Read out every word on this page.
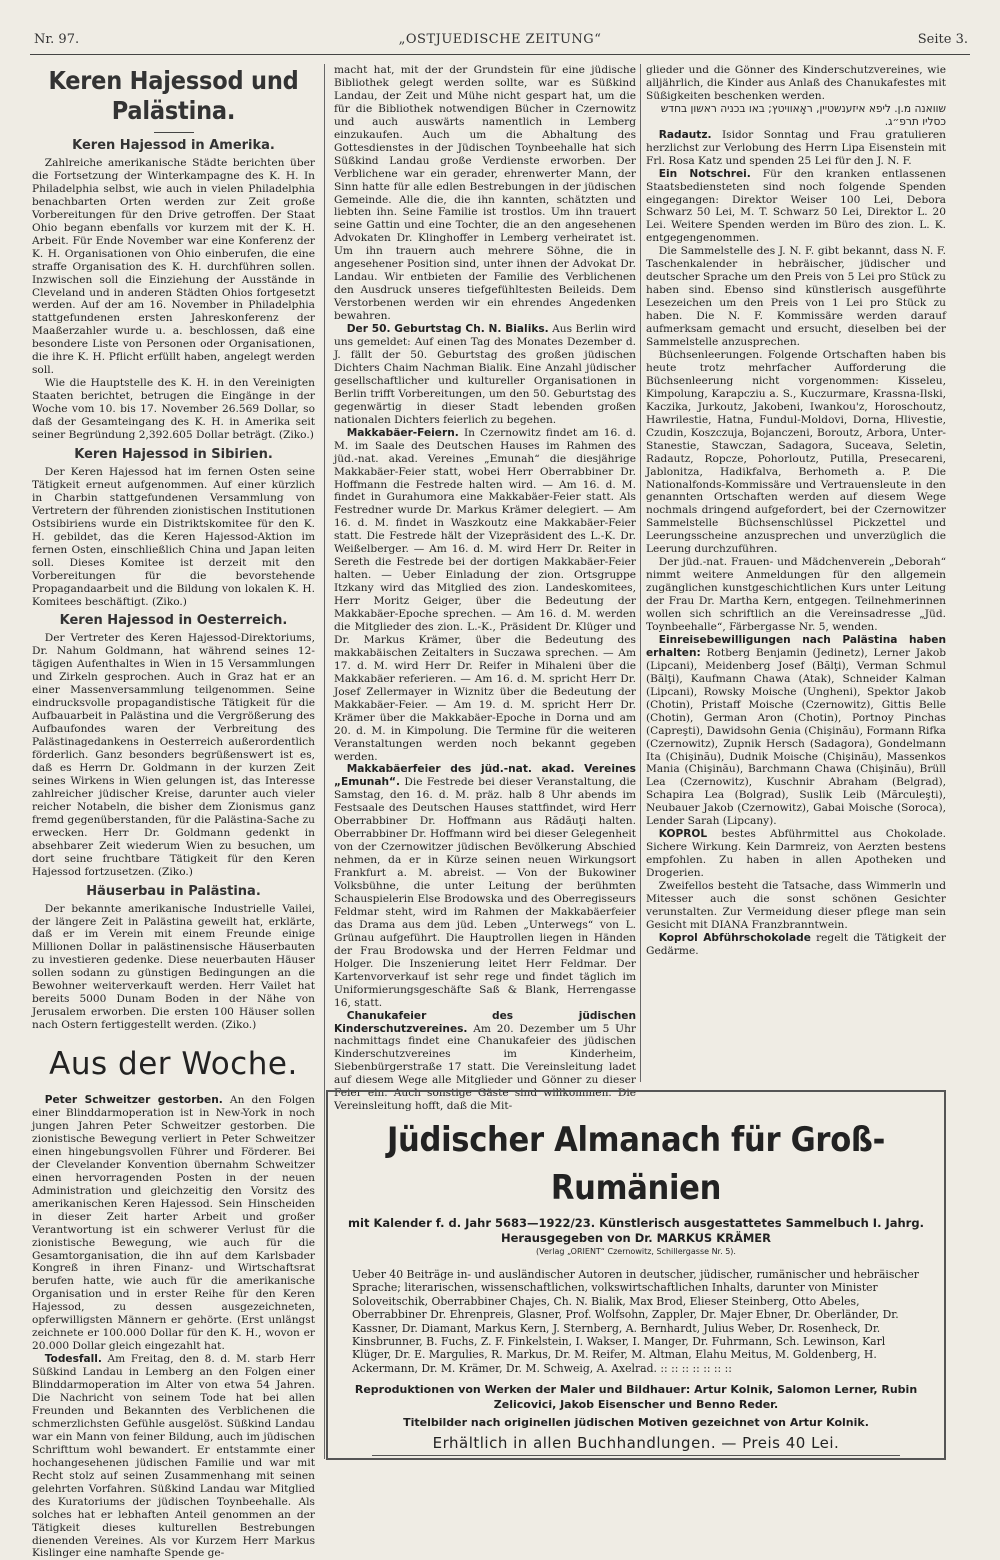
Nr. 97.	„OSTJUEDISCHE ZEITUNG“	Seite 3.
Keren Hajessod und Palästina.
Keren Hajessod in Amerika.

Zahlreiche amerikanische Städte berichten über die Fortsetzung der Winterkampagne des K. H. In Philadelphia selbst, wie auch in vielen Philadelphia benachbarten Orten werden zur Zeit große Vorbereitungen für den Drive getroffen. Der Staat Ohio begann ebenfalls vor kurzem mit der K. H. Arbeit. Für Ende November war eine Konferenz der K. H. Organisationen von Ohio einberufen, die eine straffe Organisation des K. H. durchführen sollen. Inzwischen soll die Einziehung der Ausstände in Cleveland und in anderen Städten Ohios fortgesetzt werden. Auf der am 16. November in Philadelphia stattgefundenen ersten Jahreskonferenz der Maaßerzahler wurde u. a. beschlossen, daß eine besondere Liste von Personen oder Organisationen, die ihre K. H. Pflicht erfüllt haben, angelegt werden soll.

Wie die Hauptstelle des K. H. in den Vereinigten Staaten berichtet, betrugen die Eingänge in der Woche vom 10. bis 17. November 26.569 Dollar, so daß der Gesamteingang des K. H. in Amerika seit seiner Begründung 2,392.605 Dollar beträgt. (Ziko.)

Keren Hajessod in Sibirien.

Der Keren Hajessod hat im fernen Osten seine Tätigkeit erneut aufgenommen. Auf einer kürzlich in Charbin stattgefundenen Versammlung von Vertretern der führenden zionistischen Institutionen Ostsibiriens wurde ein Distriktskomitee für den K. H. gebildet, das die Keren Hajessod-Aktion im fernen Osten, einschließlich China und Japan leiten soll. Dieses Komitee ist derzeit mit den Vorbereitungen für die bevorstehende Propagandaarbeit und die Bildung von lokalen K. H. Komitees beschäftigt. (Ziko.)

Keren Hajessod in Oesterreich.

Der Vertreter des Keren Hajessod-Direktoriums, Dr. Nahum Goldmann, hat während seines 12-tägigen Aufenthaltes in Wien in 15 Versammlungen und Zirkeln gesprochen. Auch in Graz hat er an einer Massenversammlung teilgenommen. Seine eindrucksvolle propagandistische Tätigkeit für die Aufbauarbeit in Palästina und die Vergrößerung des Aufbaufondes waren der Verbreitung des Palästinagedankens in Oesterreich außerordentlich förderlich. Ganz besonders begrüßenswert ist es, daß es Herrn Dr. Goldmann in der kurzen Zeit seines Wirkens in Wien gelungen ist, das Interesse zahlreicher jüdischer Kreise, darunter auch vieler reicher Notabeln, die bisher dem Zionismus ganz fremd gegenüberstanden, für die Palästina-Sache zu erwecken. Herr Dr. Goldmann gedenkt in absehbarer Zeit wiederum Wien zu besuchen, um dort seine fruchtbare Tätigkeit für den Keren Hajessod fortzusetzen. (Ziko.)

Häuserbau in Palästina.

Der bekannte amerikanische Industrielle Vailei, der längere Zeit in Palästina geweilt hat, erklärte, daß er im Verein mit einem Freunde einige Millionen Dollar in palästinensische Häuserbauten zu investieren gedenke. Diese neuerbauten Häuser sollen sodann zu günstigen Bedingungen an die Bewohner weiterverkauft werden. Herr Vailet hat bereits 5000 Dunam Boden in der Nähe von Jerusalem erworben. Die ersten 100 Häuser sollen nach Ostern fertiggestellt werden. (Ziko.)

Aus der Woche.

Peter Schweitzer gestorben. An den Folgen einer Blinddarmoperation ist in New-York in noch jungen Jahren Peter Schweitzer gestorben. Die zionistische Bewegung verliert in Peter Schweitzer einen hingebungsvollen Führer und Förderer. Bei der Clevelander Konvention übernahm Schweitzer einen hervorragenden Posten in der neuen Administration und gleichzeitig den Vorsitz des amerikanischen Keren Hajessod. Sein Hinscheiden in dieser Zeit harter Arbeit und großer Verantwortung ist ein schwerer Verlust für die zionistische Bewegung, wie auch für die Gesamtorganisation, die ihn auf dem Karlsbader Kongreß in ihren Finanz- und Wirtschaftsrat berufen hatte, wie auch für die amerikanische Organisation und in erster Reihe für den Keren Hajessod, zu dessen ausgezeichneten, opferwilligsten Männern er gehörte. (Erst unlängst zeichnete er 100.000 Dollar für den K. H., wovon er 20.000 Dollar gleich eingezahlt hat.

Todesfall. Am Freitag, den 8. d. M. starb Herr Süßkind Landau in Lemberg an den Folgen einer Blinddarmoperation im Alter von etwa 54 Jahren. Die Nachricht von seinem Tode hat bei allen Freunden und Bekannten des Verblichenen die schmerzlichsten Gefühle ausgelöst. Süßkind Landau war ein Mann von feiner Bildung, auch im jüdischen Schrifttum wohl bewandert. Er entstammte einer hochangesehenen jüdischen Familie und war mit Recht stolz auf seinen Zusammenhang mit seinen gelehrten Vorfahren. Süßkind Landau war Mitglied des Kuratoriums der jüdischen Toynbeehalle. Als solches hat er lebhaften Anteil genommen an der Tätigkeit dieses kulturellen Bestrebungen dienenden Vereines. Als vor Kurzem Herr Markus Kislinger eine namhafte Spende ge-

macht hat, mit der der Grundstein für eine jüdische Bibliothek gelegt werden sollte, war es Süßkind Landau, der Zeit und Mühe nicht gespart hat, um die für die Bibliothek notwendigen Bücher in Czernowitz und auch auswärts namentlich in Lemberg einzukaufen. Auch um die Abhaltung des Gottesdienstes in der Jüdischen Toynbeehalle hat sich Süßkind Landau große Verdienste erworben. Der Verblichene war ein gerader, ehrenwerter Mann, der Sinn hatte für alle edlen Bestrebungen in der jüdischen Gemeinde. Alle die, die ihn kannten, schätzten und liebten ihn. Seine Familie ist trostlos. Um ihn trauert seine Gattin und eine Tochter, die an den angesehenen Advokaten Dr. Klinghoffer in Lemberg verheiratet ist. Um ihn trauern auch mehrere Söhne, die in angesehener Position sind, unter ihnen der Advokat Dr. Landau. Wir entbieten der Familie des Verblichenen den Ausdruck unseres tiefgefühltesten Beileids. Dem Verstorbenen werden wir ein ehrendes Angedenken bewahren.

Der 50. Geburtstag Ch. N. Bialiks. Aus Berlin wird uns gemeldet: Auf einen Tag des Monates Dezember d. J. fällt der 50. Geburtstag des großen jüdischen Dichters Chaim Nachman Bialik. Eine Anzahl jüdischer gesellschaftlicher und kultureller Organisationen in Berlin trifft Vorbereitungen, um den 50. Geburtstag des gegenwärtig in dieser Stadt lebenden großen nationalen Dichters feierlich zu begehen.

Makkabäer-Feiern. In Czernowitz findet am 16. d. M. im Saale des Deutschen Hauses im Rahmen des jüd.-nat. akad. Vereines „Emunah“ die diesjährige Makkabäer-Feier statt, wobei Herr Oberrabbiner Dr. Hoffmann die Festrede halten wird. — Am 16. d. M. findet in Gurahumora eine Makkabäer-Feier statt. Als Festredner wurde Dr. Markus Krämer delegiert. — Am 16. d. M. findet in Waszkoutz eine Makkabäer-Feier statt. Die Festrede hält der Vizepräsident des L.-K. Dr. Weißelberger. — Am 16. d. M. wird Herr Dr. Reiter in Sereth die Festrede bei der dortigen Makkabäer-Feier halten. — Ueber Einladung der zion. Ortsgruppe Itzkany wird das Mitglied des zion. Landeskomitees, Herr Moritz Geiger, über die Bedeutung der Makkabäer-Epoche sprechen. — Am 16. d. M. werden die Mitglieder des zion. L.-K., Präsident Dr. Klüger und Dr. Markus Krämer, über die Bedeutung des makkabäischen Zeitalters in Suczawa sprechen. — Am 17. d. M. wird Herr Dr. Reifer in Mihaleni über die Makkabäer referieren. — Am 16. d. M. spricht Herr Dr. Josef Zellermayer in Wiznitz über die Bedeutung der Makkabäer-Feier. — Am 19. d. M. spricht Herr Dr. Krämer über die Makkabäer-Epoche in Dorna und am 20. d. M. in Kimpolung. Die Termine für die weiteren Veranstaltungen werden noch bekannt gegeben werden.

Makkabäerfeier des jüd.-nat. akad. Vereines „Emunah“. Die Festrede bei dieser Veranstaltung, die Samstag, den 16. d. M. präz. halb 8 Uhr abends im Festsaale des Deutschen Hauses stattfindet, wird Herr Oberrabbiner Dr. Hoffmann aus Rădăuţi halten. Oberrabbiner Dr. Hoffmann wird bei dieser Gelegenheit von der Czernowitzer jüdischen Bevölkerung Abschied nehmen, da er in Kürze seinen neuen Wirkungsort Frankfurt a. M. abreist. — Von der Bukowiner Volksbühne, die unter Leitung der berühmten Schauspielerin Else Brodowska und des Oberregisseurs Feldmar steht, wird im Rahmen der Makkabäerfeier das Drama aus dem jüd. Leben „Unterwegs“ von L. Grünau aufgeführt. Die Hauptrollen liegen in Händen der Frau Brodowska und der Herren Feldmar und Holger. Die Inszenierung leitet Herr Feldmar. Der Kartenvorverkauf ist sehr rege und findet täglich im Uniformierungsgeschäfte Saß & Blank, Herrengasse 16, statt.

Chanukafeier des jüdischen Kinderschutzvereines. Am 20. Dezember um 5 Uhr nachmittags findet eine Chanukafeier des jüdischen Kinderschutzvereines im Kinderheim, Siebenbürgerstraße 17 statt. Die Vereinsleitung ladet auf diesem Wege alle Mitglieder und Gönner zu dieser Feier ein. Auch sonstige Gäste sind willkommen. Die Vereinsleitung hofft, daß die Mit-

glieder und die Gönner des Kinderschutzvereines, wie alljährlich, die Kinder aus Anlaß des Chanukafestes mit Süßigkeiten beschenken werden.

שוואנה מ.ן. ליפא איזענשטיין, ראָאוויטץ; באו בכניה ראשון בחדש כסליו תרפ״ג.

Radautz. Isidor Sonntag und Frau gratulieren herzlichst zur Verlobung des Herrn Lipa Eisenstein mit Frl. Rosa Katz und spenden 25 Lei für den J. N. F.

Ein Notschrei. Für den kranken entlassenen Staatsbediensteten sind noch folgende Spenden eingegangen: Direktor Weiser 100 Lei, Debora Schwarz 50 Lei, M. T. Schwarz 50 Lei, Direktor L. 20 Lei. Weitere Spenden werden im Büro des zion. L. K. entgegengenommen.

Die Sammelstelle des J. N. F. gibt bekannt, dass N. F. Taschenkalender in hebräischer, jüdischer und deutscher Sprache um den Preis von 5 Lei pro Stück zu haben sind. Ebenso sind künstlerisch ausgeführte Lesezeichen um den Preis von 1 Lei pro Stück zu haben. Die N. F. Kommissäre werden darauf aufmerksam gemacht und ersucht, dieselben bei der Sammelstelle anzusprechen.

Büchsenleerungen. Folgende Ortschaften haben bis heute trotz mehrfacher Aufforderung die Büchsenleerung nicht vorgenommen: Kisseleu, Kimpolung, Karapcziu a. S., Kuczurmare, Krassna-Ilski, Kaczika, Jurkoutz, Jakobeni, Iwankou'z, Horoschoutz, Hawrilestie, Hatna, Fundul-Moldovi, Dorna, Hlivestie, Czudin, Koszczuja, Bojanczeni, Boroutz, Arbora, Unter-Stanestie, Stawczan, Sadagora, Suceava, Seletin, Radautz, Ropcze, Pohorloutz, Putilla, Presecareni, Jablonitza, Hadikfalva, Berhometh a. P. Die Nationalfonds-Kommissäre und Vertrauensleute in den genannten Ortschaften werden auf diesem Wege nochmals dringend aufgefordert, bei der Czernowitzer Sammelstelle Büchsenschlüssel Pickzettel und Leerungsscheine anzusprechen und unverzüglich die Leerung durchzuführen.

Der jüd.-nat. Frauen- und Mädchenverein „Deborah“ nimmt weitere Anmeldungen für den allgemein zugänglichen kunstgeschichtlichen Kurs unter Leitung der Frau Dr. Martha Kern, entgegen. Teilnehmerinnen wollen sich schriftlich an die Vereinsadresse „Jüd. Toynbeehalle“, Färbergasse Nr. 5, wenden.

Einreisebewilligungen nach Palästina haben erhalten: Rotberg Benjamin (Jedinetz), Lerner Jakob (Lipcani), Meidenberg Josef (Bălţi), Verman Schmul (Bălţi), Kaufmann Chawa (Atak), Schneider Kalman (Lipcani), Rowsky Moische (Ungheni), Spektor Jakob (Chotin), Pristaff Moische (Czernowitz), Gittis Belle (Chotin), German Aron (Chotin), Portnoy Pinchas (Capreşti), Dawidsohn Genia (Chişinău), Formann Rifka (Czernowitz), Zupnik Hersch (Sadagora), Gondelmann Ita (Chişinău), Dudnik Moische (Chişinău), Massenkos Mania (Chişinău), Barchmann Chawa (Chişinău), Brüll Lea (Czernowitz), Kuschnir Abraham (Belgrad), Schapira Lea (Bolgrad), Suslik Leib (Mărculeşti), Neubauer Jakob (Czernowitz), Gabai Moische (Soroca), Lender Sarah (Lipcany).

KOPROL bestes Abführmittel aus Chokolade. Sichere Wirkung. Kein Darmreiz, von Aerzten bestens empfohlen. Zu haben in allen Apotheken und Drogerien.

Zweifellos besteht die Tatsache, dass Wimmerln und Mitesser auch die sonst schönen Gesichter verunstalten. Zur Vermeidung dieser pflege man sein Gesicht mit DIANA Franzbranntwein.

Koprol Abführschokolade regelt die Tätigkeit der Gedärme.

Jüdischer Almanach für Groß-Rumänien
mit Kalender f. d. Jahr 5683—1922/23. Künstlerisch ausgestattetes Sammelbuch I. Jahrg.
Herausgegeben von Dr. MARKUS KRÄMER
(Verlag „ORIENT“ Czernowitz, Schillergasse Nr. 5).
Ueber 40 Beiträge in- und ausländischer Autoren in deutscher, jüdischer, rumänischer und hebräischer Sprache; literarischen, wissenschaftlichen, volkswirtschaftlichen Inhalts, darunter von Minister Soloveitschik, Oberrabbiner Chajes, Ch. N. Bialik, Max Brod, Elieser Steinberg, Otto Abeles, Oberrabbiner Dr. Ehrenpreis, Glasner, Prof. Wolfsohn, Zappler, Dr. Majer Ebner, Dr. Oberländer, Dr. Kassner, Dr. Diamant, Markus Kern, J. Sternberg, A. Bernhardt, Julius Weber, Dr. Rosenheck, Dr. Kinsbrunner, B. Fuchs, Z. F. Finkelstein, I. Wakser, I. Manger, Dr. Fuhrmann, Sch. Lewinson, Karl Klüger, Dr. E. Margulies, R. Markus, Dr. M. Reifer, M. Altman, Elahu Meitus, M. Goldenberg, H. Ackermann, Dr. M. Krämer, Dr. M. Schweig, A. Axelrad. :: :: :: :: :: :: ::
Reproduktionen von Werken der Maler und Bildhauer: Artur Kolnik, Salomon Lerner, Rubin Zelicovici, Jakob Eisenscher und Benno Reder.
Titelbilder nach originellen jüdischen Motiven gezeichnet von Artur Kolnik.
Erhältlich in allen Buchhandlungen. — Preis 40 Lei.
